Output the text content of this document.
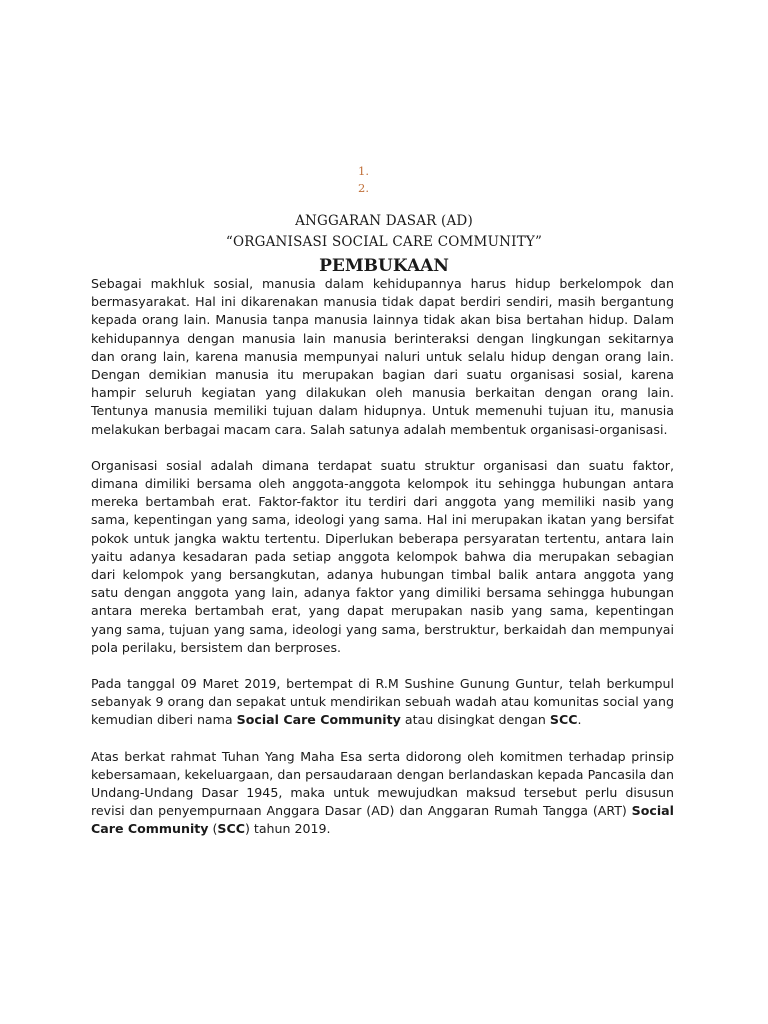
1.
2.
ANGGARAN DASAR (AD)
“ORGANISASI SOCIAL CARE COMMUNITY”
PEMBUKAAN

Sebagai makhluk sosial, manusia dalam kehidupannya harus hidup berkelompok dan bermasyarakat. Hal ini dikarenakan manusia tidak dapat berdiri sendiri, masih bergantung kepada orang lain. Manusia tanpa manusia lainnya tidak akan bisa bertahan hidup. Dalam kehidupannya dengan manusia lain manusia berinteraksi dengan lingkungan sekitarnya dan orang lain, karena manusia mempunyai naluri untuk selalu hidup dengan orang lain. Dengan demikian manusia itu merupakan bagian dari suatu organisasi sosial, karena hampir seluruh kegiatan yang dilakukan oleh manusia berkaitan dengan orang lain. Tentunya manusia memiliki tujuan dalam hidupnya. Untuk memenuhi tujuan itu, manusia melakukan berbagai macam cara. Salah satunya adalah membentuk organisasi-organisasi.

Organisasi sosial adalah dimana terdapat suatu struktur organisasi dan suatu faktor, dimana dimiliki bersama oleh anggota-anggota kelompok itu sehingga hubungan antara mereka bertambah erat. Faktor-faktor itu terdiri dari anggota yang memiliki nasib yang sama, kepentingan yang sama, ideologi yang sama. Hal ini merupakan ikatan yang bersifat pokok untuk jangka waktu tertentu. Diperlukan beberapa persyaratan tertentu, antara lain yaitu adanya kesadaran pada setiap anggota kelompok bahwa dia merupakan sebagian dari kelompok yang bersangkutan, adanya hubungan timbal balik antara anggota yang satu dengan anggota yang lain, adanya faktor yang dimiliki bersama sehingga hubungan antara mereka bertambah erat, yang dapat merupakan nasib yang sama, kepentingan yang sama, tujuan yang sama, ideologi yang sama, berstruktur, berkaidah dan mempunyai pola perilaku, bersistem dan berproses.

Pada tanggal 09 Maret 2019, bertempat di R.M Sushine Gunung Guntur, telah berkumpul sebanyak 9 orang dan sepakat untuk mendirikan sebuah wadah atau komunitas social yang kemudian diberi nama Social Care Community atau disingkat dengan SCC.

Atas berkat rahmat Tuhan Yang Maha Esa serta didorong oleh komitmen terhadap prinsip kebersamaan, kekeluargaan, dan persaudaraan dengan berlandaskan kepada Pancasila dan Undang-Undang Dasar 1945, maka untuk mewujudkan maksud tersebut perlu disusun revisi dan penyempurnaan Anggara Dasar (AD) dan Anggaran Rumah Tangga (ART) Social Care Community (SCC) tahun 2019.
